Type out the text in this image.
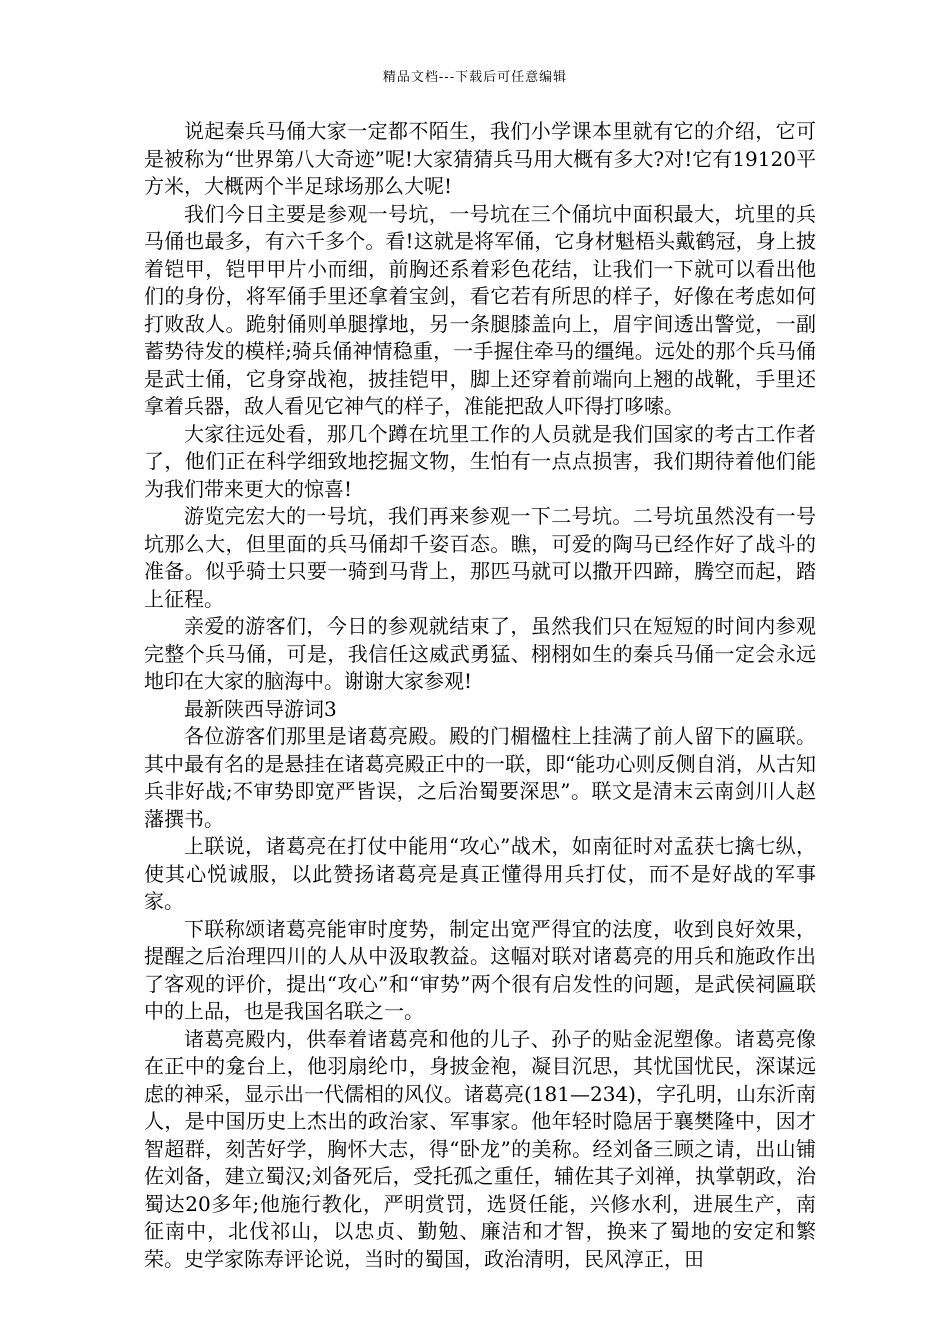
精品文档---下载后可任意编辑

说起秦兵马俑大家一定都不陌生，我们小学课本里就有它的介绍，它可是被称为“世界第八大奇迹”呢!大家猜猜兵马用大概有多大?对!它有19120平方米，大概两个半足球场那么大呢!

我们今日主要是参观一号坑，一号坑在三个俑坑中面积最大，坑里的兵马俑也最多，有六千多个。看!这就是将军俑，它身材魁梧头戴鹤冠，身上披着铠甲，铠甲甲片小而细，前胸还系着彩色花结，让我们一下就可以看出他们的身份，将军俑手里还拿着宝剑，看它若有所思的样子，好像在考虑如何打败敌人。跪射俑则单腿撑地，另一条腿膝盖向上，眉宇间透出警觉，一副蓄势待发的模样;骑兵俑神情稳重，一手握住牵马的缰绳。远处的那个兵马俑是武士俑，它身穿战袍，披挂铠甲，脚上还穿着前端向上翘的战靴，手里还拿着兵器，敌人看见它神气的样子，准能把敌人吓得打哆嗦。

大家往远处看，那几个蹲在坑里工作的人员就是我们国家的考古工作者了，他们正在科学细致地挖掘文物，生怕有一点点损害，我们期待着他们能为我们带来更大的惊喜!

游览完宏大的一号坑，我们再来参观一下二号坑。二号坑虽然没有一号坑那么大，但里面的兵马俑却千姿百态。瞧，可爱的陶马已经作好了战斗的准备。似乎骑士只要一骑到马背上，那匹马就可以撒开四蹄，腾空而起，踏上征程。

亲爱的游客们，今日的参观就结束了，虽然我们只在短短的时间内参观完整个兵马俑，可是，我信任这威武勇猛、栩栩如生的秦兵马俑一定会永远地印在大家的脑海中。谢谢大家参观!

最新陕西导游词3

各位游客们那里是诸葛亮殿。殿的门楣楹柱上挂满了前人留下的匾联。其中最有名的是悬挂在诸葛亮殿正中的一联，即“能功心则反侧自消，从古知兵非好战;不审势即宽严皆误，之后治蜀要深思”。联文是清末云南剑川人赵藩撰书。

上联说，诸葛亮在打仗中能用“攻心”战术，如南征时对孟获七擒七纵，使其心悦诚服，以此赞扬诸葛亮是真正懂得用兵打仗，而不是好战的军事家。

下联称颂诸葛亮能审时度势，制定出宽严得宜的法度，收到良好效果，提醒之后治理四川的人从中汲取教益。这幅对联对诸葛亮的用兵和施政作出了客观的评价，提出“攻心”和“审势”两个很有启发性的问题，是武侯祠匾联中的上品，也是我国名联之一。

诸葛亮殿内，供奉着诸葛亮和他的儿子、孙子的贴金泥塑像。诸葛亮像在正中的龛台上，他羽扇纶巾，身披金袍，凝目沉思，其忧国忧民，深谋远虑的神采，显示出一代儒相的风仪。诸葛亮(181—234)，字孔明，山东沂南人，是中国历史上杰出的政治家、军事家。他年轻时隐居于襄樊隆中，因才智超群，刻苦好学，胸怀大志，得“卧龙”的美称。经刘备三顾之请，出山铺佐刘备，建立蜀汉;刘备死后，受托孤之重任，辅佐其子刘禅，执掌朝政，治蜀达20多年;他施行教化，严明赏罚，选贤任能，兴修水利，进展生产，南征南中，北伐祁山，以忠贞、勤勉、廉洁和才智，换来了蜀地的安定和繁荣。史学家陈寿评论说，当时的蜀国，政治清明，民风淳正，田
